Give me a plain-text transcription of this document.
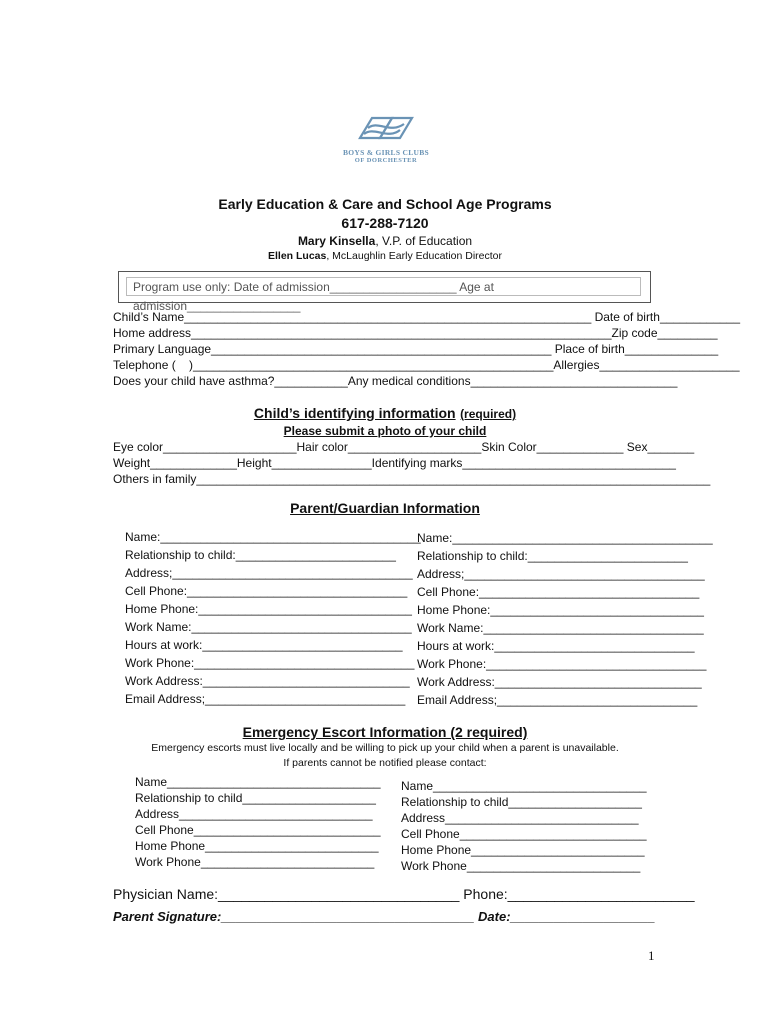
BOYS & GIRLS CLUBS
OF DORCHESTER
Early Education & Care and School Age Programs
617-288-7120
Mary Kinsella, V.P. of Education
Ellen Lucas, McLaughlin Early Education Director
Program use only: Date of admission___________________ Age at admission_________________
Child’s Name_____________________________________________________________ Date of birth____________
Home address_______________________________________________________________Zip code_________
Primary Language___________________________________________________ Place of birth______________
Telephone (    )______________________________________________________Allergies_____________________
Does your child have asthma?___________Any medical conditions_______________________________
Child’s identifying information (required)
Please submit a photo of your child
Eye color____________________Hair color____________________Skin Color_____________ Sex_______
Weight_____________Height_______________Identifying marks________________________________
Others in family_____________________________________________________________________________
Parent/Guardian Information
Name:_______________________________________
Relationship to child:________________________
Address;____________________________________
Cell Phone:_________________________________
Home Phone:________________________________
Work Name:_________________________________
Hours at work:______________________________
Work Phone:_________________________________
Work Address:_______________________________
Email Address;______________________________
Name:_______________________________________
Relationship to child:________________________
Address;____________________________________
Cell Phone:_________________________________
Home Phone:________________________________
Work Name:_________________________________
Hours at work:______________________________
Work Phone:_________________________________
Work Address:_______________________________
Email Address;______________________________
Emergency Escort Information (2 required)
Emergency escorts must live locally and be willing to pick up your child when a parent is unavailable.
If parents cannot be notified please contact:
Name________________________________
Relationship to child____________________
Address_____________________________
Cell Phone____________________________
Home Phone__________________________
Work Phone__________________________
Name________________________________
Relationship to child____________________
Address_____________________________
Cell Phone____________________________
Home Phone__________________________
Work Phone__________________________
Physician Name:_______________________________ Phone:________________________
Parent Signature:___________________________________ Date:____________________
1
